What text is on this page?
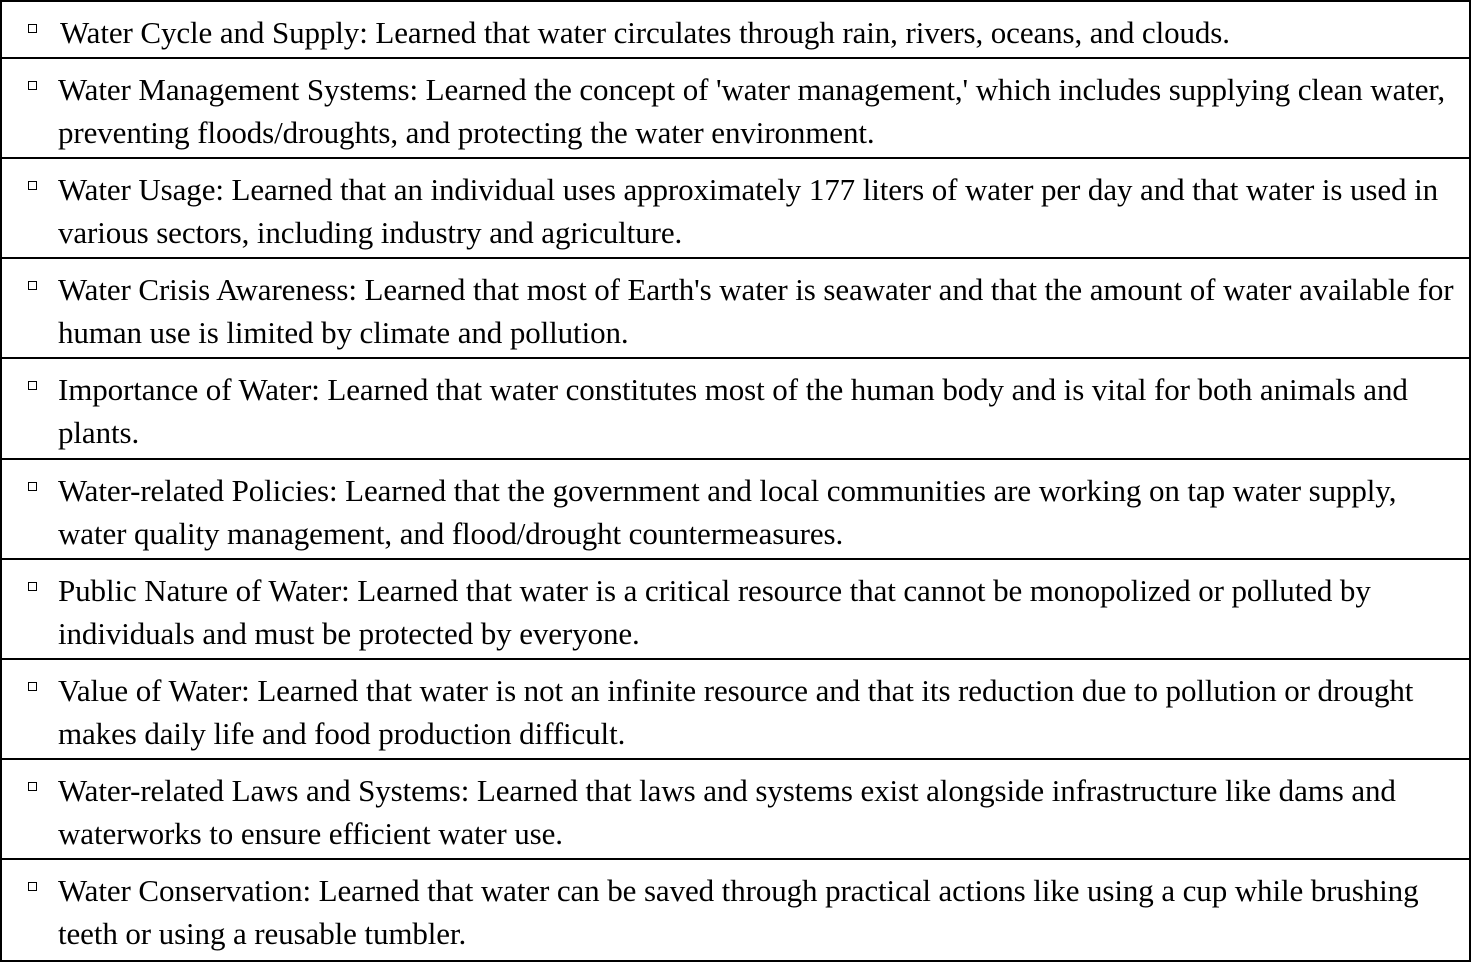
Water Cycle and Supply: Learned that water circulates through rain, rivers, oceans, and clouds.
Water Management Systems: Learned the concept of 'water management,' which includes supplying clean water, preventing floods/droughts, and protecting the water environment.
Water Usage: Learned that an individual uses approximately 177 liters of water per day and that water is used in various sectors, including industry and agriculture.
Water Crisis Awareness: Learned that most of Earth's water is seawater and that the amount of water available for human use is limited by climate and pollution.
Importance of Water: Learned that water constitutes most of the human body and is vital for both animals and plants.
Water-related Policies: Learned that the government and local communities are working on tap water supply, water quality management, and flood/drought countermeasures.
Public Nature of Water: Learned that water is a critical resource that cannot be monopolized or polluted by individuals and must be protected by everyone.
Value of Water: Learned that water is not an infinite resource and that its reduction due to pollution or drought makes daily life and food production difficult.
Water-related Laws and Systems: Learned that laws and systems exist alongside infrastructure like dams and waterworks to ensure efficient water use.
Water Conservation: Learned that water can be saved through practical actions like using a cup while brushing teeth or using a reusable tumbler.
